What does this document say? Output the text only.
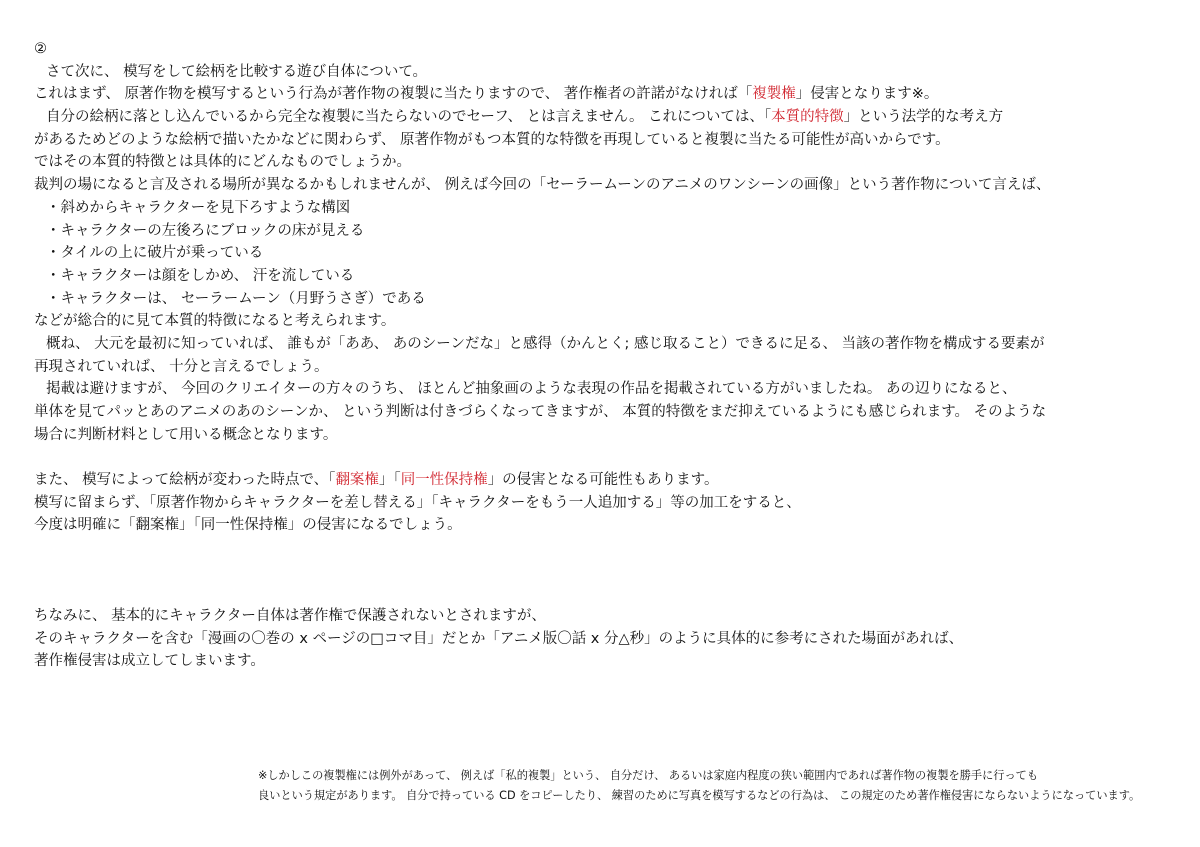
②
さて次に、 模写をして絵柄を比較する遊び自体について。
これはまず、 原著作物を模写するという行為が著作物の複製に当たりますので、 著作権者の許諾がなければ「複製権」侵害となります※。
自分の絵柄に落とし込んでいるから完全な複製に当たらないのでセーフ、 とは言えません。 これについては、「本質的特徴」という法学的な考え方
があるためどのような絵柄で描いたかなどに関わらず、 原著作物がもつ本質的な特徴を再現していると複製に当たる可能性が高いからです。
ではその本質的特徴とは具体的にどんなものでしょうか。
裁判の場になると言及される場所が異なるかもしれませんが、 例えば今回の「セーラームーンのアニメのワンシーンの画像」という著作物について言えば、
・斜めからキャラクターを見下ろすような構図
・キャラクターの左後ろにブロックの床が見える
・タイルの上に破片が乗っている
・キャラクターは顔をしかめ、 汗を流している
・キャラクターは、 セーラームーン（月野うさぎ）である
などが総合的に見て本質的特徴になると考えられます。
概ね、 大元を最初に知っていれば、 誰もが「ああ、 あのシーンだな」と感得（かんとく; 感じ取ること）できるに足る、 当該の著作物を構成する要素が
再現されていれば、 十分と言えるでしょう。
掲載は避けますが、 今回のクリエイターの方々のうち、 ほとんど抽象画のような表現の作品を掲載されている方がいましたね。 あの辺りになると、
単体を見てパッとあのアニメのあのシーンか、 という判断は付きづらくなってきますが、 本質的特徴をまだ抑えているようにも感じられます。 そのような
場合に判断材料として用いる概念となります。
また、 模写によって絵柄が変わった時点で、「翻案権」「同一性保持権」の侵害となる可能性もあります。
模写に留まらず、「原著作物からキャラクターを差し替える」「キャラクターをもう一人追加する」等の加工をすると、
今度は明確に「翻案権」「同一性保持権」の侵害になるでしょう。
ちなみに、 基本的にキャラクター自体は著作権で保護されないとされますが、
そのキャラクターを含む「漫画の〇巻の x ページの□コマ目」だとか「アニメ版〇話 x 分△秒」のように具体的に参考にされた場面があれば、
著作権侵害は成立してしまいます。
※しかしこの複製権には例外があって、 例えば「私的複製」という、 自分だけ、 あるいは家庭内程度の狭い範囲内であれば著作物の複製を勝手に行っても
良いという規定があります。 自分で持っている CD をコピーしたり、 練習のために写真を模写するなどの行為は、 この規定のため著作権侵害にならないようになっています。
